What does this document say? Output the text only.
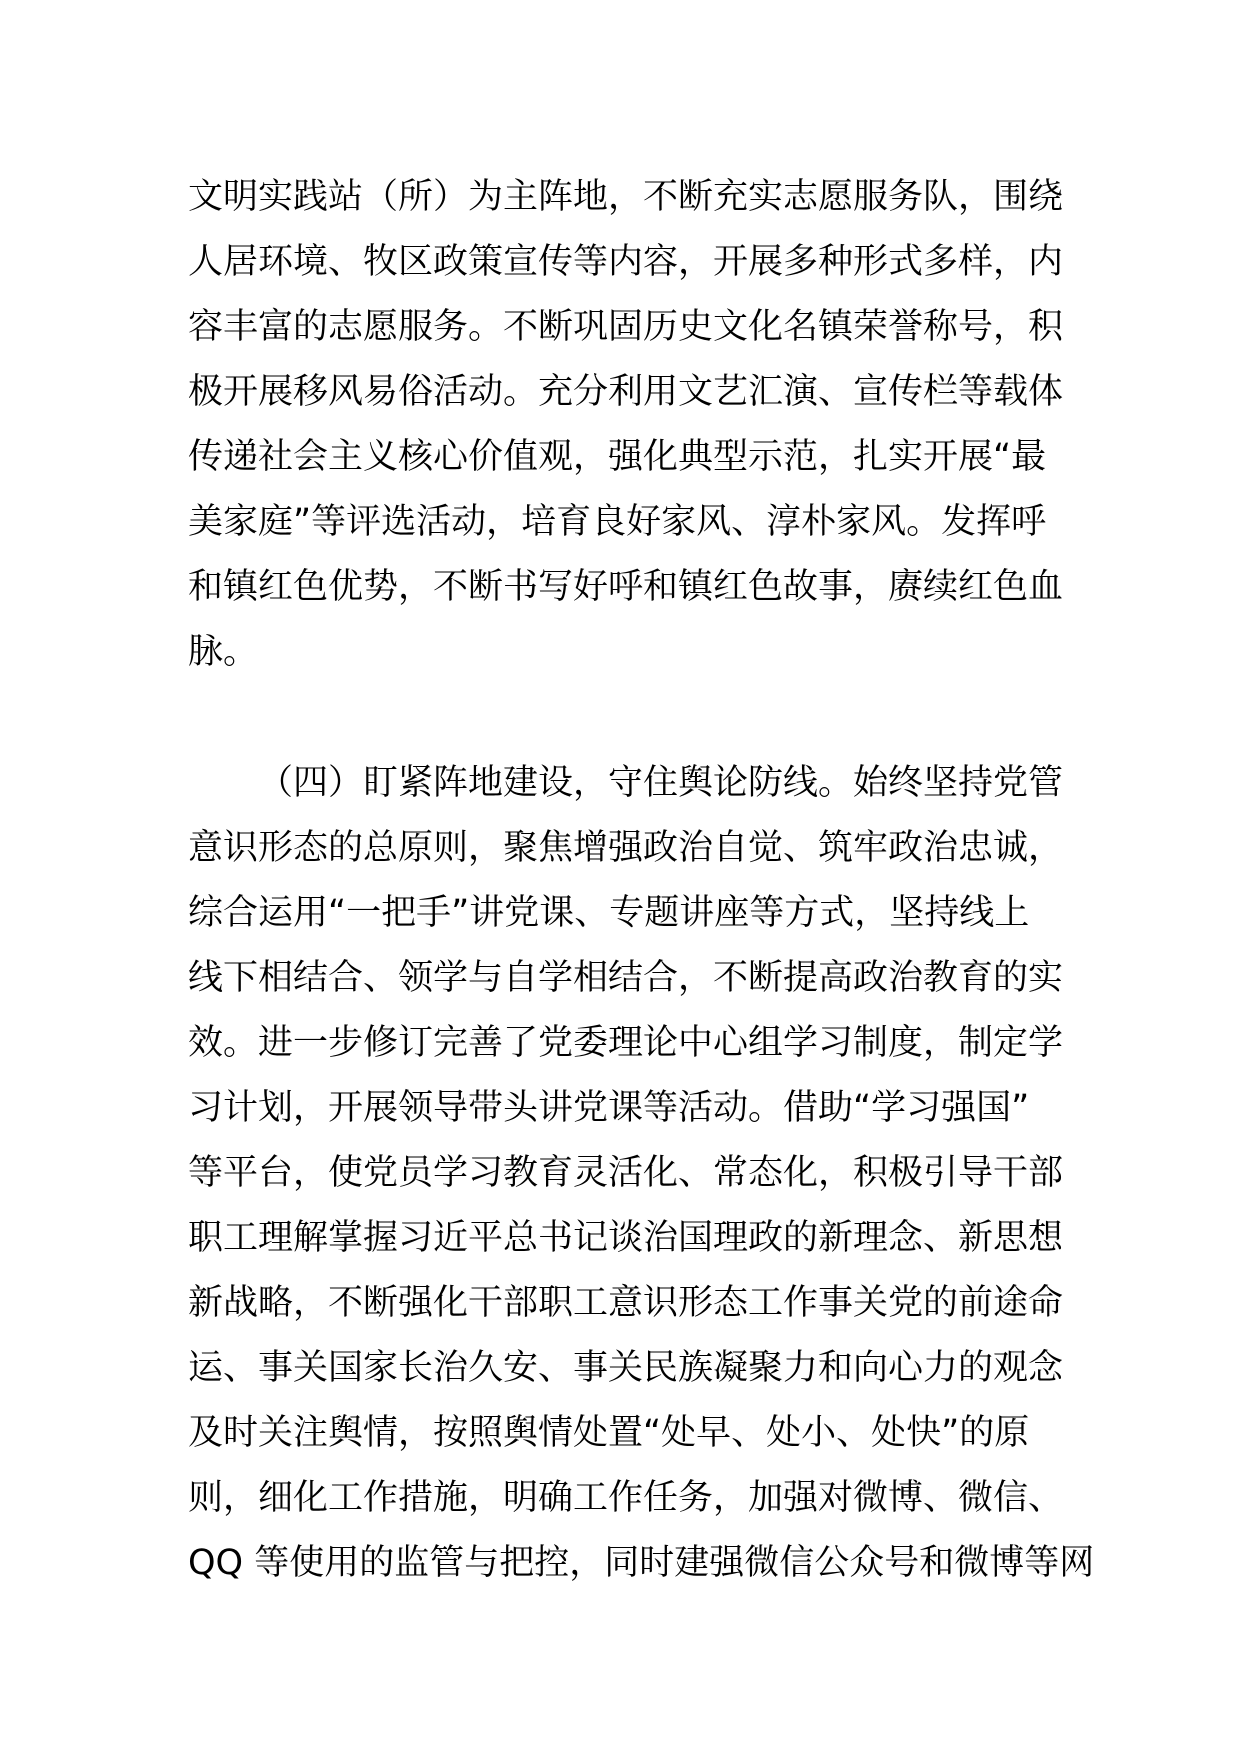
文明实践站（所）为主阵地，不断充实志愿服务队，围绕
人居环境、牧区政策宣传等内容，开展多种形式多样，内
容丰富的志愿服务。不断巩固历史文化名镇荣誉称号，积
极开展移风易俗活动。充分利用文艺汇演、宣传栏等载体
传递社会主义核心价值观，强化典型示范，扎实开展“最
美家庭”等评选活动，培育良好家风、淳朴家风。发挥呼
和镇红色优势，不断书写好呼和镇红色故事，赓续红色血
脉。
（四）盯紧阵地建设，守住舆论防线。始终坚持党管
意识形态的总原则，聚焦增强政治自觉、筑牢政治忠诚，
综合运用“一把手”讲党课、专题讲座等方式，坚持线上
线下相结合、领学与自学相结合，不断提高政治教育的实
效。进一步修订完善了党委理论中心组学习制度，制定学
习计划，开展领导带头讲党课等活动。借助“学习强国”
等平台，使党员学习教育灵活化、常态化，积极引导干部
职工理解掌握习近平总书记谈治国理政的新理念、新思想
新战略，不断强化干部职工意识形态工作事关党的前途命
运、事关国家长治久安、事关民族凝聚力和向心力的观念
及时关注舆情，按照舆情处置“处早、处小、处快”的原
则，细化工作措施，明确工作任务，加强对微博、微信、
QQ 等使用的监管与把控，同时建强微信公众号和微博等网
